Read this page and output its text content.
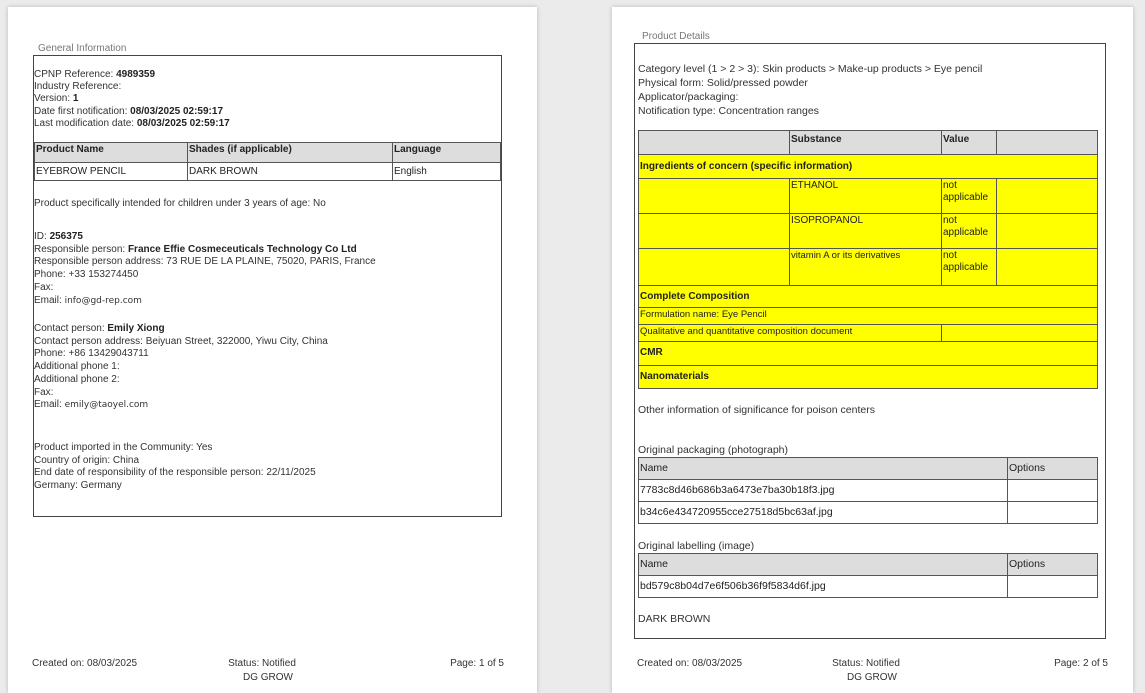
General Information
CPNP Reference: 4989359
Industry Reference:
Version: 1
Date first notification: 08/03/2025 02:59:17
Last modification date: 08/03/2025 02:59:17
Product Name	Shades (if applicable)	Language
EYEBROW PENCIL	DARK BROWN	English
Product specifically intended for children under 3 years of age: No
ID: 256375
Responsible person: France Effie Cosmeceuticals Technology Co Ltd
Responsible person address: 73 RUE DE LA PLAINE, 75020, PARIS, France
Phone: +33 153274450
Fax:
Email: info@gd-rep.com
Contact person: Emily Xiong
Contact person address: Beiyuan Street, 322000, Yiwu City, China
Phone: +86 13429043711
Additional phone 1:
Additional phone 2:
Fax:
Email: emily@taoyel.com
Product imported in the Community: Yes
Country of origin: China
End date of responsibility of the responsible person: 22/11/2025
Germany: Germany
Created on: 08/03/2025	Status: Notified
DG GROW
Page: 1 of 5
Product Details
Category level (1 > 2 > 3): Skin products > Make-up products > Eye pencil
Physical form: Solid/pressed powder
Applicator/packaging:
Notification type: Concentration ranges
Substance	Value
Ingredients of concern (specific information)
ETHANOL	not applicable
ISOPROPANOL	not applicable
vitamin A or its derivatives	not applicable
Complete Composition
Formulation name: Eye Pencil
Qualitative and quantitative composition document
CMR
Nanomaterials
Other information of significance for poison centers
Original packaging (photograph)
Name	Options
7783c8d46b686b3a6473e7ba30b18f3.jpg
b34c6e434720955cce27518d5bc63af.jpg
Original labelling (image)
Name	Options
bd579c8b04d7e6f506b36f9f5834d6f.jpg
DARK BROWN
Created on: 08/03/2025	Status: Notified
DG GROW
Page: 2 of 5
